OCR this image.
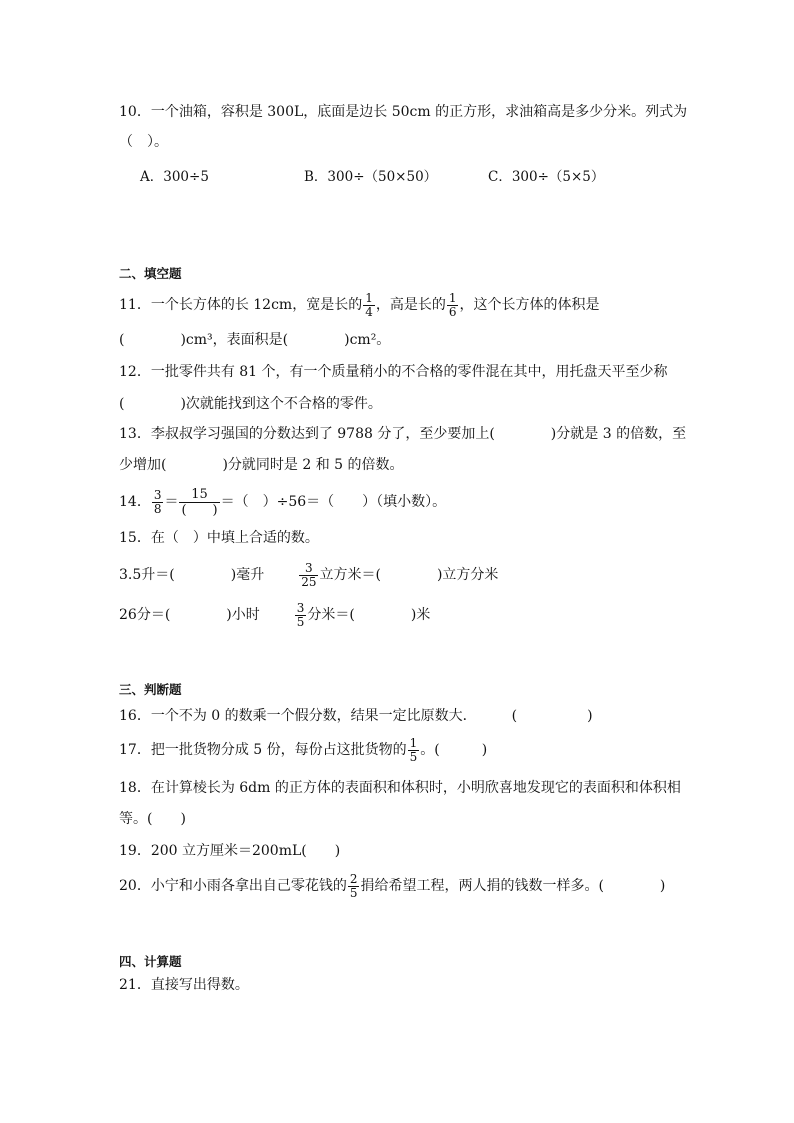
10．一个油箱，容积是 300L，底面是边长 50cm 的正方形，求油箱高是多少分米。列式为
（　）。
A．300÷5	B．300÷（50×50）	C．300÷（5×5）
二、填空题
11．一个长方体的长 12cm，宽是长的 $\frac{1}{4}$ ，高是长的 $\frac{1}{6}$ ，这个长方体的体积是
(　　　　)cm³，表面积是(　　　　)cm²。
12．一批零件共有 81 个，有一个质量稍小的不合格的零件混在其中，用托盘天平至少称
(　　　　)次就能找到这个不合格的零件。
13．李叔叔学习强国的分数达到了 9788 分了，至少要加上(　　　　)分就是 3 的倍数，至
少增加(　　　　)分就同时是 2 和 5 的倍数。
14． $\frac{3}{8} = \frac{15}{( )}$ ＝（　）÷56＝（　　）（填小数）。
15．在（　）中填上合适的数。
3.5升＝(　　　　)毫升	$\frac{3}{25}$ 立方米＝(　　　　)立方分米
26分＝(　　　　)小时	$\frac{3}{5}$ 分米＝(　　　　)米
三、判断题
16．一个不为 0 的数乘一个假分数，结果一定比原数大．　　　(　　　　　)
17．把一批货物分成 5 份，每份占这批货物的 $\frac{1}{5}$ 。(　　　)
18．在计算棱长为 6dm 的正方体的表面积和体积时，小明欣喜地发现它的表面积和体积相
等。(　　)
19．200 立方厘米＝200mL(　　)
20．小宁和小雨各拿出自己零花钱的 $\frac{2}{5}$ 捐给希望工程，两人捐的钱数一样多。(　　　　)
四、计算题
21．直接写出得数。
